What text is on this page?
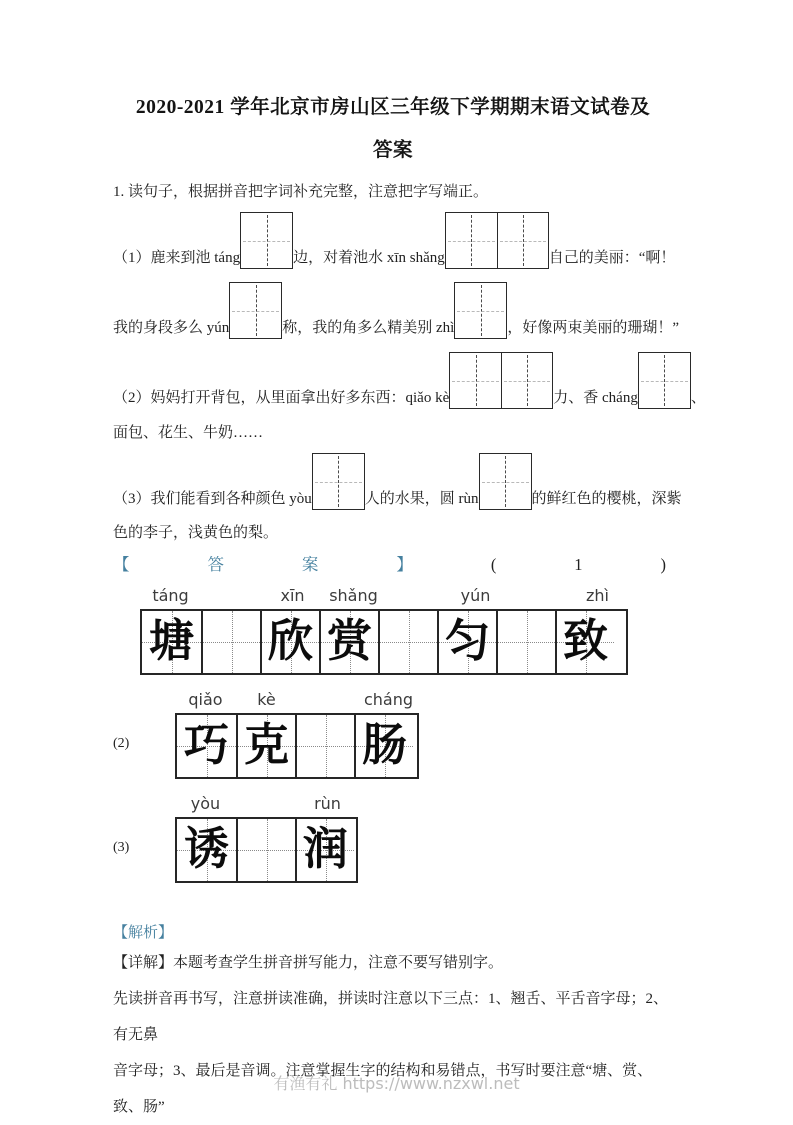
2020-2021 学年北京市房山区三年级下学期期末语文试卷及
答案
1. 读句子，根据拼音把字词补充完整，注意把字写端正。
（1）鹿来到池 táng	边，对着池水 xīn shǎng	自己的美丽：“啊！
我的身段多么 yún	称，我的角多么精美别 zhì	，好像两束美丽的珊瑚！”
（2）妈妈打开背包，从里面拿出好多东西：qiǎo kè	力、香 cháng	、
面包、花生、牛奶……
（3）我们能看到各种颜色 yòu	人的水果，圆 rùn	的鲜红色的樱桃，深紫
色的李子，浅黄色的梨。
【	答	案	】	(	1	)
táng	xīn	shǎng	yún	zhì
塘 欣 赏 匀 致
(2)
qiǎo	kè	cháng
巧 克 肠
(3)
yòu	rùn
诱 润
【解析】
【详解】本题考查学生拼音拼写能力，注意不要写错别字。
先读拼音再书写，注意拼读准确，拼读时注意以下三点：1、翘舌、平舌音字母；2、有无鼻
音字母；3、最后是音调。注意掌握生字的结构和易错点，书写时要注意“塘、赏、致、肠”
有渔有礼 https://www.nzxwl.net
